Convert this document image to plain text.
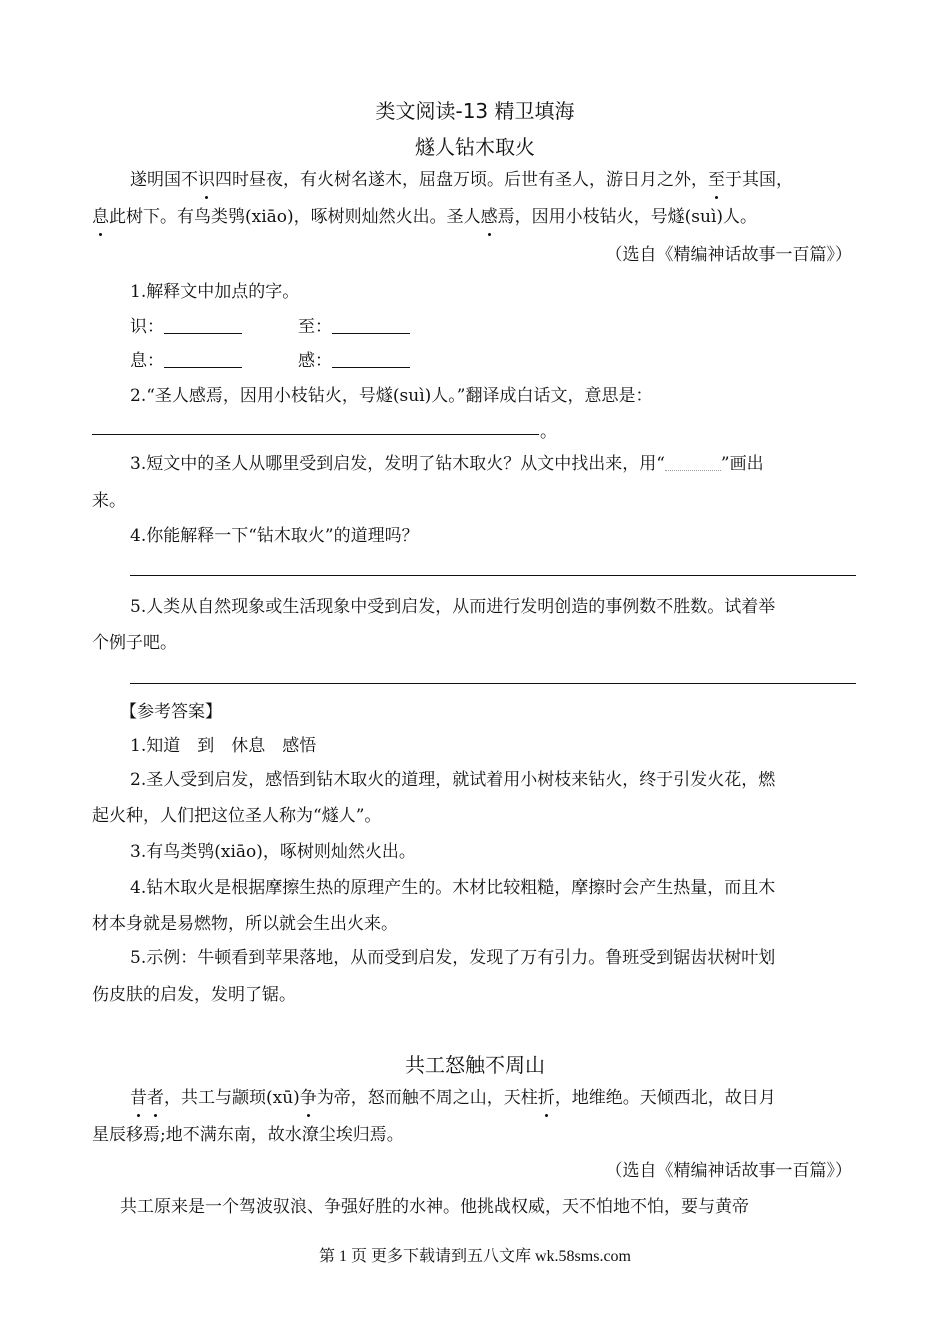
类文阅读-13 精卫填海
燧人钻木取火
遂明国不识四时昼夜，有火树名遂木，屈盘万顷。后世有圣人，游日月之外，至于其国，
息此树下。有鸟类鸮(xiāo)，啄树则灿然火出。圣人感焉，因用小枝钻火，号燧(suì)人。
（选自《精编神话故事一百篇》）
1.解释文中加点的字。
识：	至：
息：	感：
2.“圣人感焉，因用小枝钻火，号燧(suì)人。”翻译成白话文，意思是：
。
3.短文中的圣人从哪里受到启发，发明了钻木取火？从文中找出来，用“	”画出
来。
4.你能解释一下“钻木取火”的道理吗？
5.人类从自然现象或生活现象中受到启发，从而进行发明创造的事例数不胜数。试着举
个例子吧。
【参考答案】
1.知道　到　休息　感悟
2.圣人受到启发，感悟到钻木取火的道理，就试着用小树枝来钻火，终于引发火花，燃
起火种，人们把这位圣人称为“燧人”。
3.有鸟类鸮(xiāo)，啄树则灿然火出。
4.钻木取火是根据摩擦生热的原理产生的。木材比较粗糙，摩擦时会产生热量，而且木
材本身就是易燃物，所以就会生出火来。
5.示例：牛顿看到苹果落地，从而受到启发，发现了万有引力。鲁班受到锯齿状树叶划
伤皮肤的启发，发明了锯。
共工怒触不周山
昔者，共工与颛顼(xū)争为帝，怒而触不周之山，天柱折，地维绝。天倾西北，故日月
星辰移焉;地不满东南，故水潦尘埃归焉。
（选自《精编神话故事一百篇》）
共工原来是一个驾波驭浪、争强好胜的水神。他挑战权威，天不怕地不怕，要与黄帝
第 1 页 更多下载请到五八文库 wk.58sms.com
